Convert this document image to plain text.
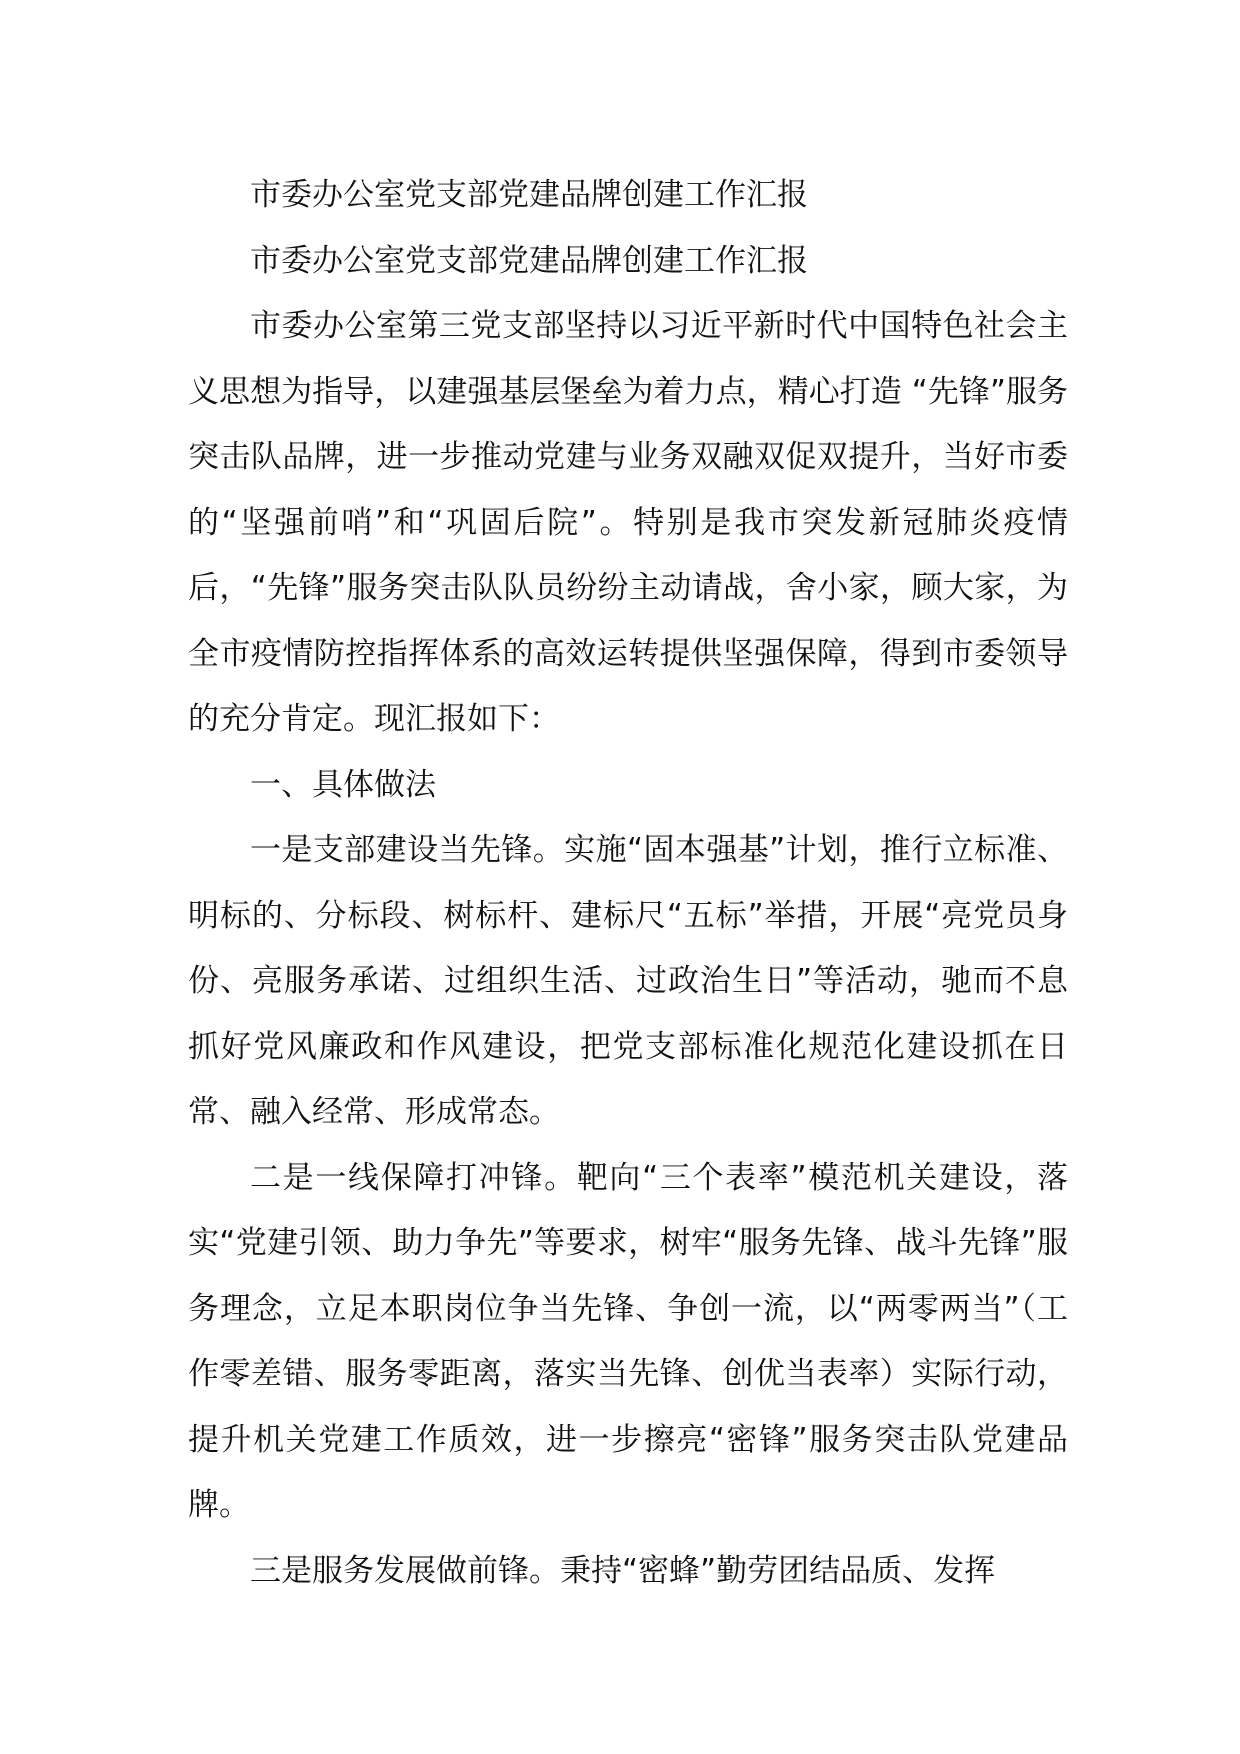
市委办公室党支部党建品牌创建工作汇报

市委办公室党支部党建品牌创建工作汇报

市委办公室第三党支部坚持以习近平新时代中国特色社会主义思想为指导，以建强基层堡垒为着力点，精心打造 “先锋”服务突击队品牌，进一步推动党建与业务双融双促双提升，当好市委的“坚强前哨”和“巩固后院”。特别是我市突发新冠肺炎疫情后，“先锋”服务突击队队员纷纷主动请战，舍小家，顾大家，为全市疫情防控指挥体系的高效运转提供坚强保障，得到市委领导的充分肯定。现汇报如下：

一、具体做法

一是支部建设当先锋。实施“固本强基”计划，推行立标准、明标的、分标段、树标杆、建标尺“五标”举措，开展“亮党员身份、亮服务承诺、过组织生活、过政治生日”等活动，驰而不息抓好党风廉政和作风建设，把党支部标准化规范化建设抓在日常、融入经常、形成常态。

二是一线保障打冲锋。靶向“三个表率”模范机关建设，落实“党建引领、助力争先”等要求，树牢“服务先锋、战斗先锋”服务理念，立足本职岗位争当先锋、争创一流，以“两零两当”（工作零差错、服务零距离，落实当先锋、创优当表率）实际行动，提升机关党建工作质效，进一步擦亮“密锋”服务突击队党建品牌。

三是服务发展做前锋。秉持“密蜂”勤劳团结品质、发挥
